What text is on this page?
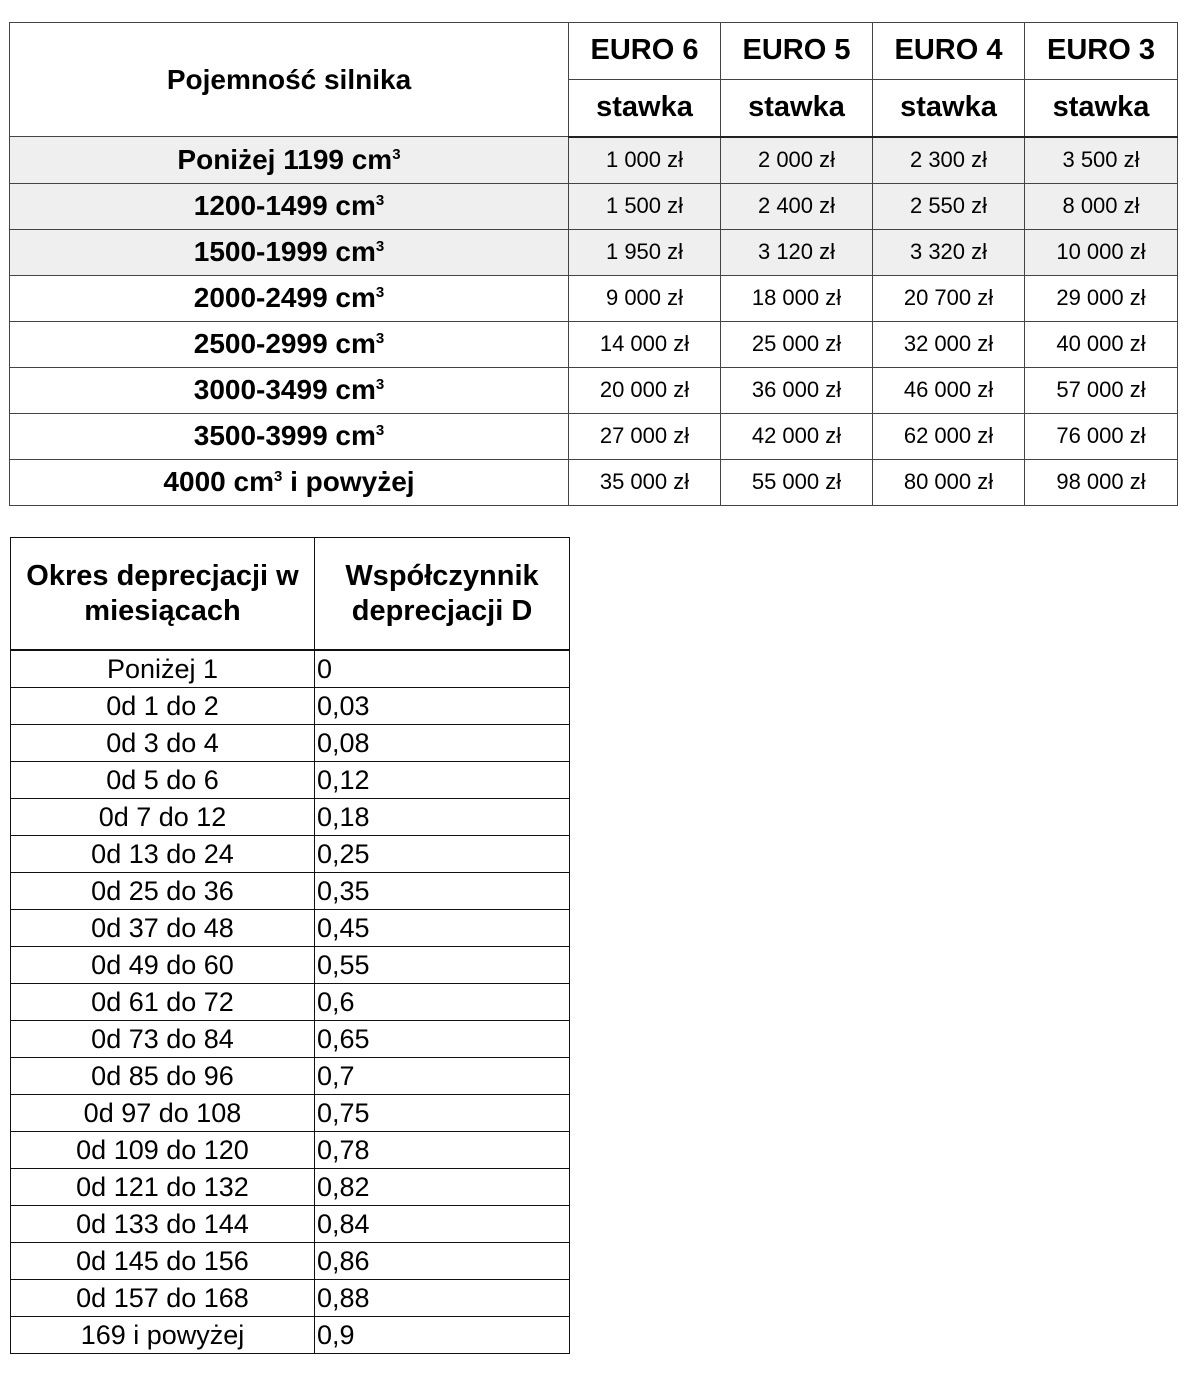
Pojemność silnika	EURO 6	EURO 5	EURO 4	EURO 3
	stawka	stawka	stawka	stawka
Poniżej 1199 $cm^3$	1 000 zł	2 000 zł	2 300 zł	3 500 zł
1200-1499 $cm^3$	1 500 zł	2 400 zł	2 550 zł	8 000 zł
1500-1999 $cm^3$	1 950 zł	3 120 zł	3 320 zł	10 000 zł
2000-2499 $cm^3$	9 000 zł	18 000 zł	20 700 zł	29 000 zł
2500-2999 $cm^3$	14 000 zł	25 000 zł	32 000 zł	40 000 zł
3000-3499 $cm^3$	20 000 zł	36 000 zł	46 000 zł	57 000 zł
3500-3999 $cm^3$	27 000 zł	42 000 zł	62 000 zł	76 000 zł
4000 $cm^3$ i powyżej	35 000 zł	55 000 zł	80 000 zł	98 000 zł
Okres deprecjacji w miesiącach	Współczynnik deprecjacji D
Poniżej 1	0
0d 1 do 2	0,03
0d 3 do 4	0,08
0d 5 do 6	0,12
0d 7 do 12	0,18
0d 13 do 24	0,25
0d 25 do 36	0,35
0d 37 do 48	0,45
0d 49 do 60	0,55
0d 61 do 72	0,6
0d 73 do 84	0,65
0d 85 do 96	0,7
0d 97 do 108	0,75
0d 109 do 120	0,78
0d 121 do 132	0,82
0d 133 do 144	0,84
0d 145 do 156	0,86
0d 157 do 168	0,88
169 i powyżej	0,9
